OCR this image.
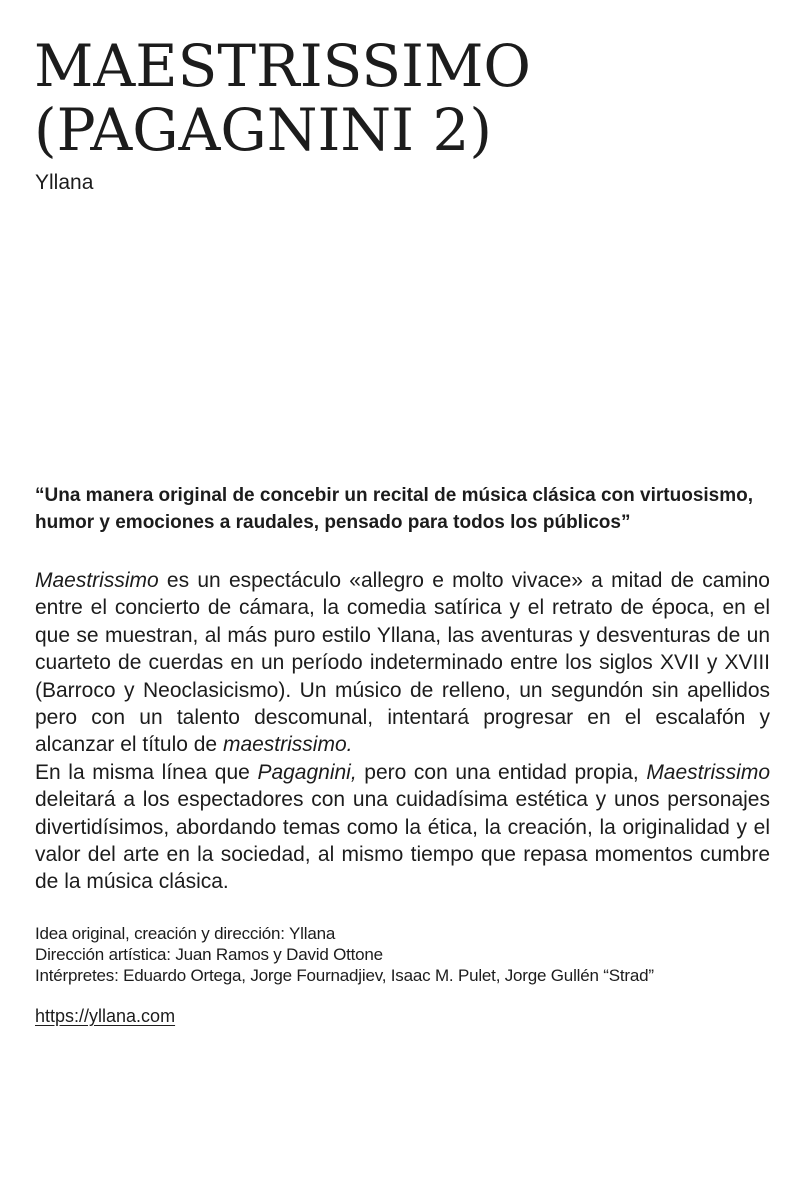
MAESTRISSIMO
(PAGAGNINI 2)
Yllana

“Una manera original de concebir un recital de música clásica con virtuosismo, humor y emociones a raudales, pensado para todos los públicos”

Maestrissimo es un espectáculo «allegro e molto vivace» a mitad de camino entre el concierto de cámara, la comedia satírica y el retrato de época, en el que se muestran, al más puro estilo Yllana, las aventuras y desventuras de un cuarteto de cuerdas en un período indeterminado entre los siglos XVII y XVIII (Barroco y Neoclasicismo). Un músico de relleno, un segundón sin apellidos pero con un talento descomunal, intentará progresar en el escalafón y alcanzar el título de maestrissimo.

En la misma línea que Pagagnini, pero con una entidad propia, Maestrissimo deleitará a los espectadores con una cuidadísima estética y unos personajes divertidísimos, abordando temas como la ética, la creación, la originalidad y el valor del arte en la sociedad, al mismo tiempo que repasa momentos cumbre de la música clásica.

Idea original, creación y dirección: Yllana
Dirección artística: Juan Ramos y David Ottone
Intérpretes: Eduardo Ortega, Jorge Fournadjiev, Isaac M. Pulet, Jorge Gullén “Strad”
https://yllana.com
